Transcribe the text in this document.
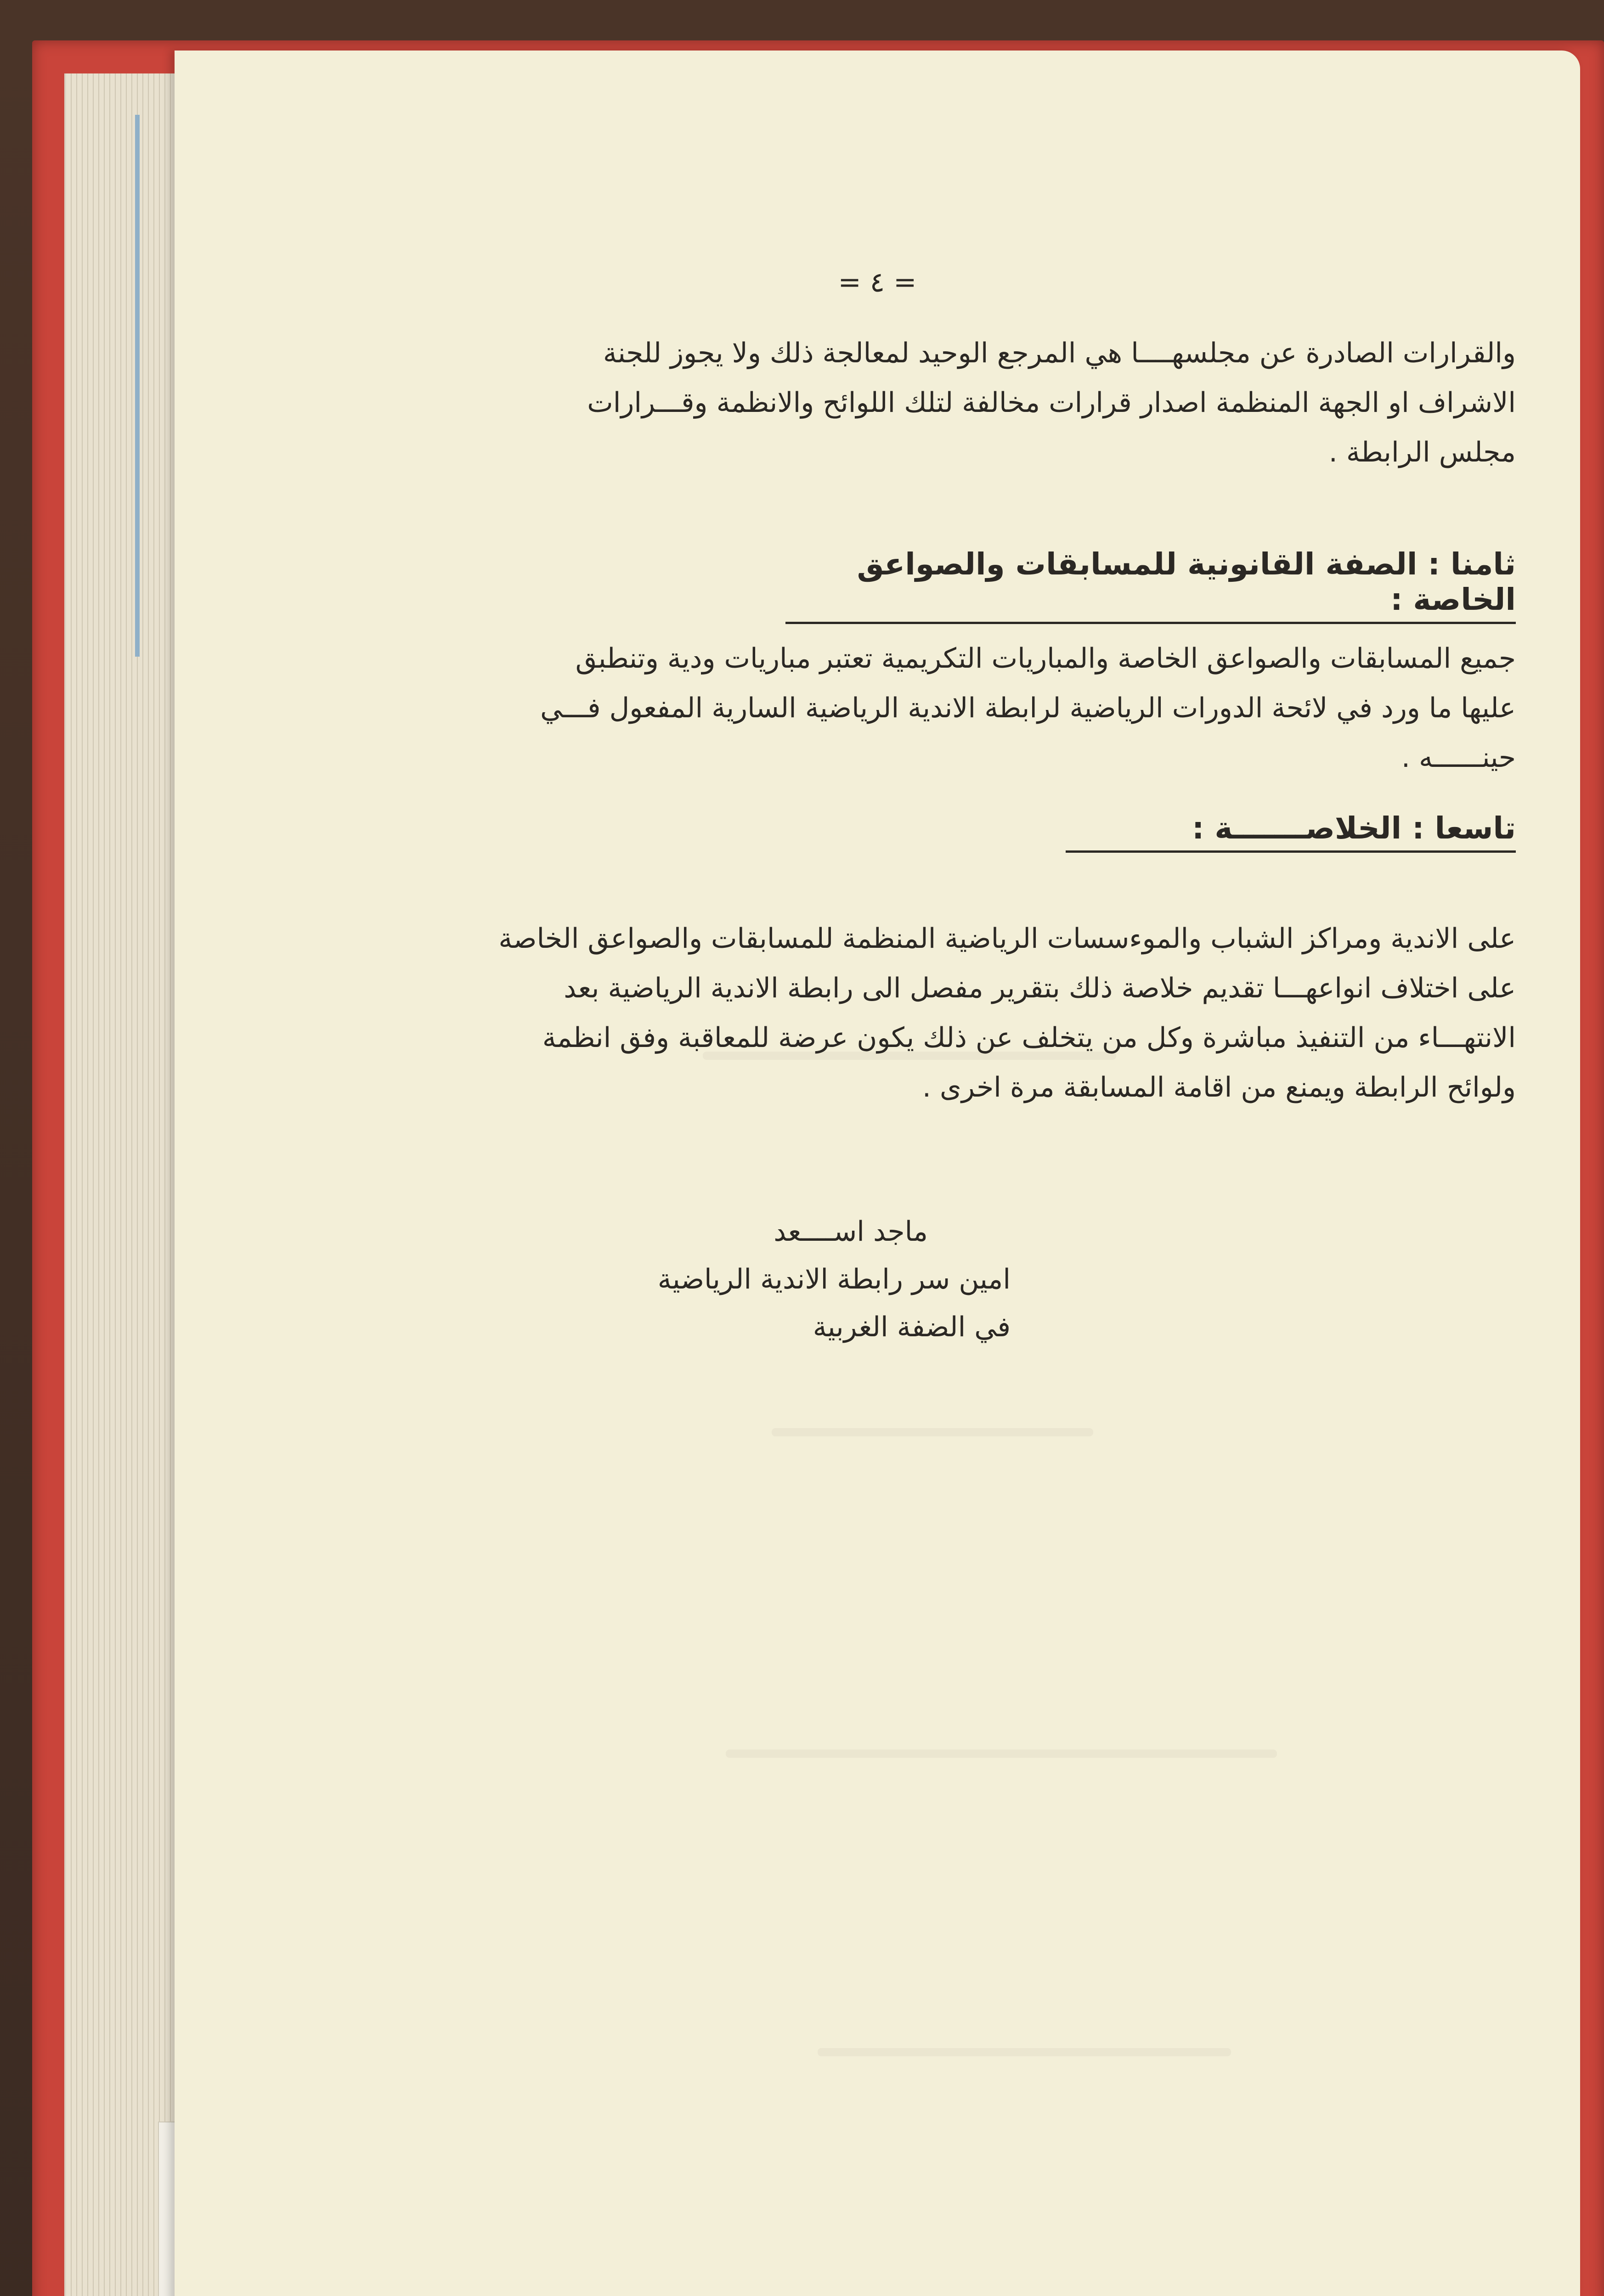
= ٤ =
والقرارات الصادرة عن مجلسهــــا هي المرجع الوحيد لمعالجة ذلك ولا يجوز للجنة
الاشراف او الجهة المنظمة اصدار قرارات مخالفة لتلك اللوائح والانظمة وقـــرارات
مجلس الرابطة .
ثامنا : الصفة القانونية للمسابقات والصواعق الخاصة :
جميع المسابقات والصواعق الخاصة والمباريات التكريمية تعتبر مباريات ودية وتنطبق
عليها ما ورد في لائحة الدورات الرياضية لرابطة الاندية الرياضية السارية المفعول فـــي
حينــــــه .
تاسعا : الخلاصـــــــة :
على الاندية ومراكز الشباب والموءسسات الرياضية المنظمة للمسابقات والصواعق الخاصة
على اختلاف انواعهـــا تقديم خلاصة ذلك بتقرير مفصل الى رابطة الاندية الرياضية بعد
الانتهـــاء من التنفيذ مباشرة وكل من يتخلف عن ذلك يكون عرضة للمعاقبة وفق انظمة
ولوائح الرابطة ويمنع من اقامة المسابقة مرة اخرى .
ماجد اســــعد
امين سر رابطة الاندية الرياضية
في الضفة الغربية
